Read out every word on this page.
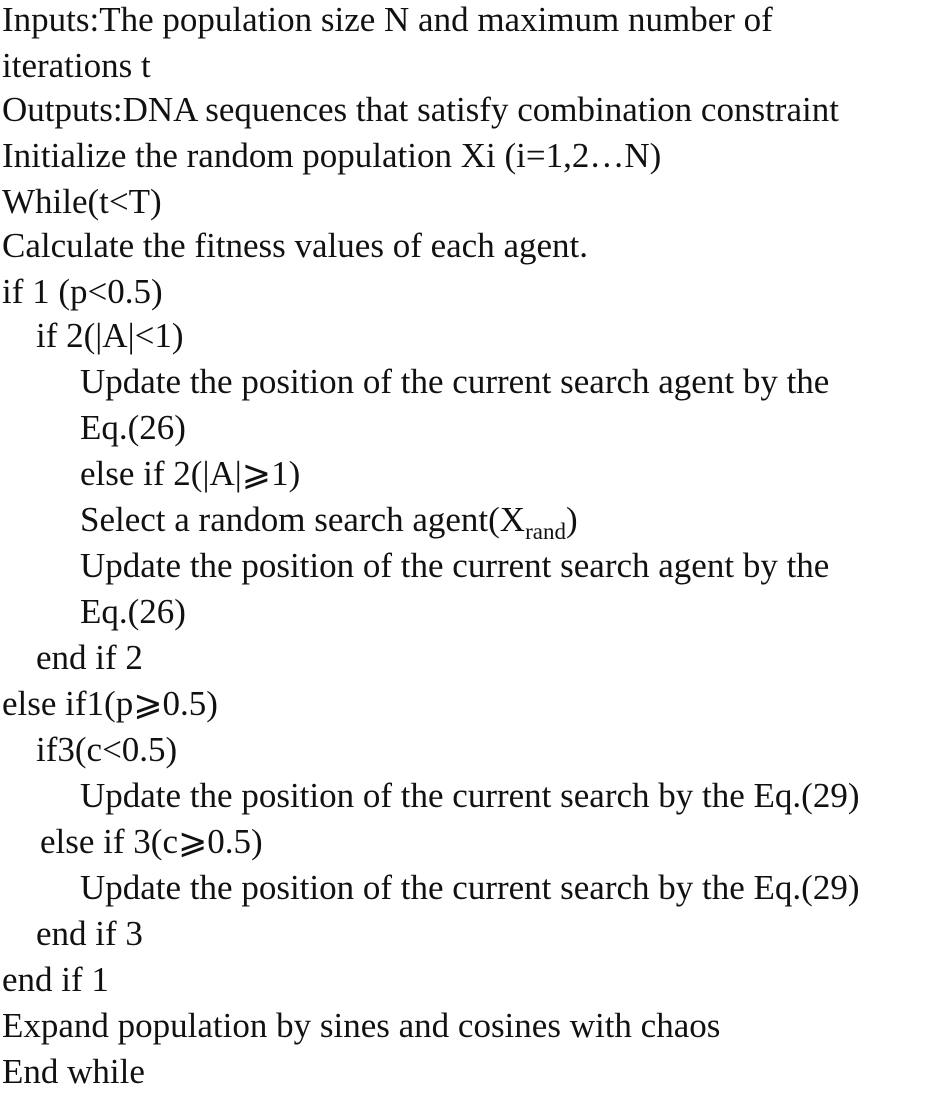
Inputs:The population size N and maximum number of
iterations t
Outputs:DNA sequences that satisfy combination constraint
Initialize the random population Xi (i=1,2…N)
While(t<T)
Calculate the fitness values of each agent.
if 1 (p<0.5)
if 2(|A|<1)
Update the position of the current search agent by the
Eq.(26)
else if 2(|A|⩾1)
Select a random search $agent(X_{rand})$
Update the position of the current search agent by the
Eq.(26)
end if 2
else if1(p⩾0.5)
if3(c<0.5)
Update the position of the current search by the Eq.(29)
else if 3(c⩾0.5)
Update the position of the current search by the Eq.(29)
end if 3
end if 1
Expand population by sines and cosines with chaos
End while
